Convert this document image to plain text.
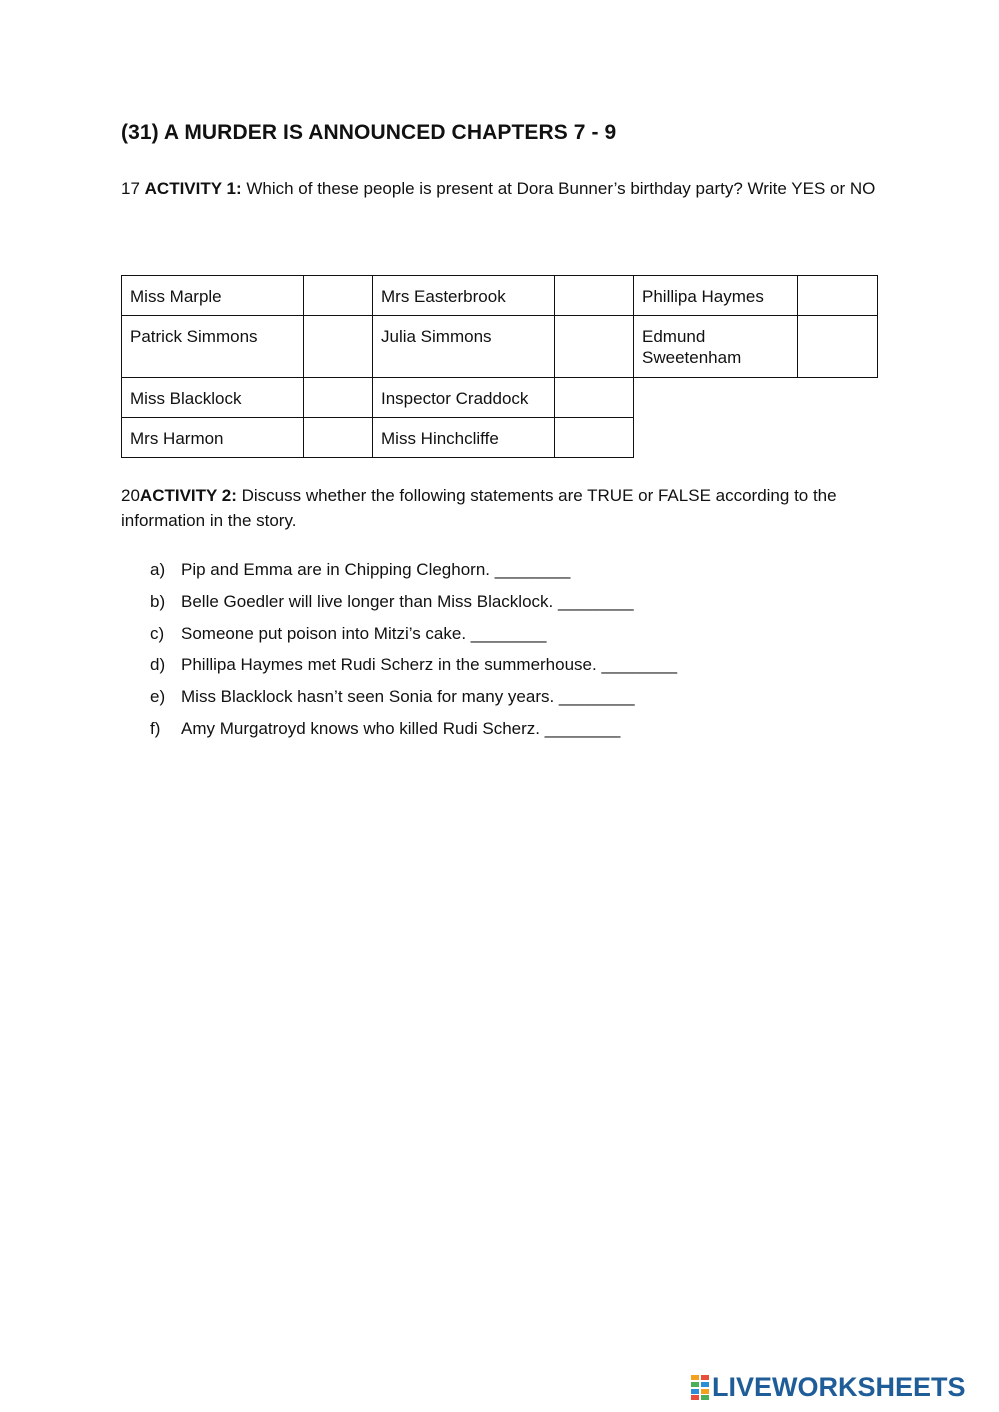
(31) A MURDER IS ANNOUNCED CHAPTERS 7 - 9
17 ACTIVITY 1: Which of these people is present at Dora Bunner’s birthday party? Write YES or NO
Miss Marple		Mrs Easterbrook		Phillipa Haymes	
Patrick Simmons		Julia Simmons		Edmund Sweetenham	
Miss Blacklock		Inspector Craddock			
Mrs Harmon		Miss Hinchcliffe			
20ACTIVITY 2: Discuss whether the following statements are TRUE or FALSE according to the information in the story.
a) Pip and Emma are in Chipping Cleghorn. ________
b) Belle Goedler will live longer than Miss Blacklock. ________
c) Someone put poison into Mitzi’s cake. ________
d) Phillipa Haymes met Rudi Scherz in the summerhouse. ________
e) Miss Blacklock hasn’t seen Sonia for many years. ________
f) Amy Murgatroyd knows who killed Rudi Scherz. ________
LIVEWORKSHEETS
